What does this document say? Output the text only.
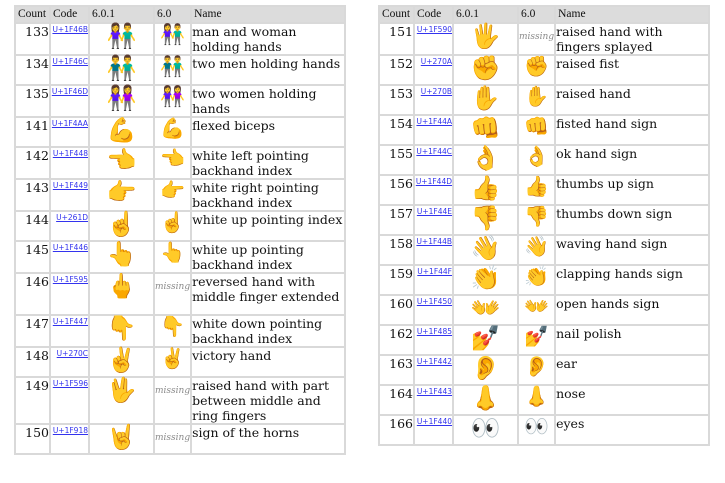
Count	Code	6.0.1	6.0	Name
133	U+1F46B	👫	👫	man and woman holding hands
134	U+1F46C	👬	👬	two men holding hands
135	U+1F46D	👭	👭	two women holding hands
141	U+1F4AA	💪	💪	flexed biceps
142	U+1F448	👈	👈	white left pointing backhand index
143	U+1F449	👉	👉	white right pointing backhand index
144	U+261D	☝	☝	white up pointing index
145	U+1F446	👆	👆	white up pointing backhand index
146	U+1F595	🖕	missing	reversed hand with middle finger extended
147	U+1F447	👇	👇	white down pointing backhand index
148	U+270C	✌	✌	victory hand
149	U+1F596	🖖	missing	raised hand with part between middle and ring fingers
150	U+1F918	🤘	missing	sign of the horns
Count	Code	6.0.1	6.0	Name
151	U+1F590	🖐	missing	raised hand with fingers splayed
152	U+270A	✊	✊	raised fist
153	U+270B	✋	✋	raised hand
154	U+1F44A	👊	👊	fisted hand sign
155	U+1F44C	👌	👌	ok hand sign
156	U+1F44D	👍	👍	thumbs up sign
157	U+1F44E	👎	👎	thumbs down sign
158	U+1F44B	👋	👋	waving hand sign
159	U+1F44F	👏	👏	clapping hands sign
160	U+1F450	👐	👐	open hands sign
162	U+1F485	💅	💅	nail polish
163	U+1F442	👂	👂	ear
164	U+1F443	👃	👃	nose
166	U+1F440	👀	👀	eyes
